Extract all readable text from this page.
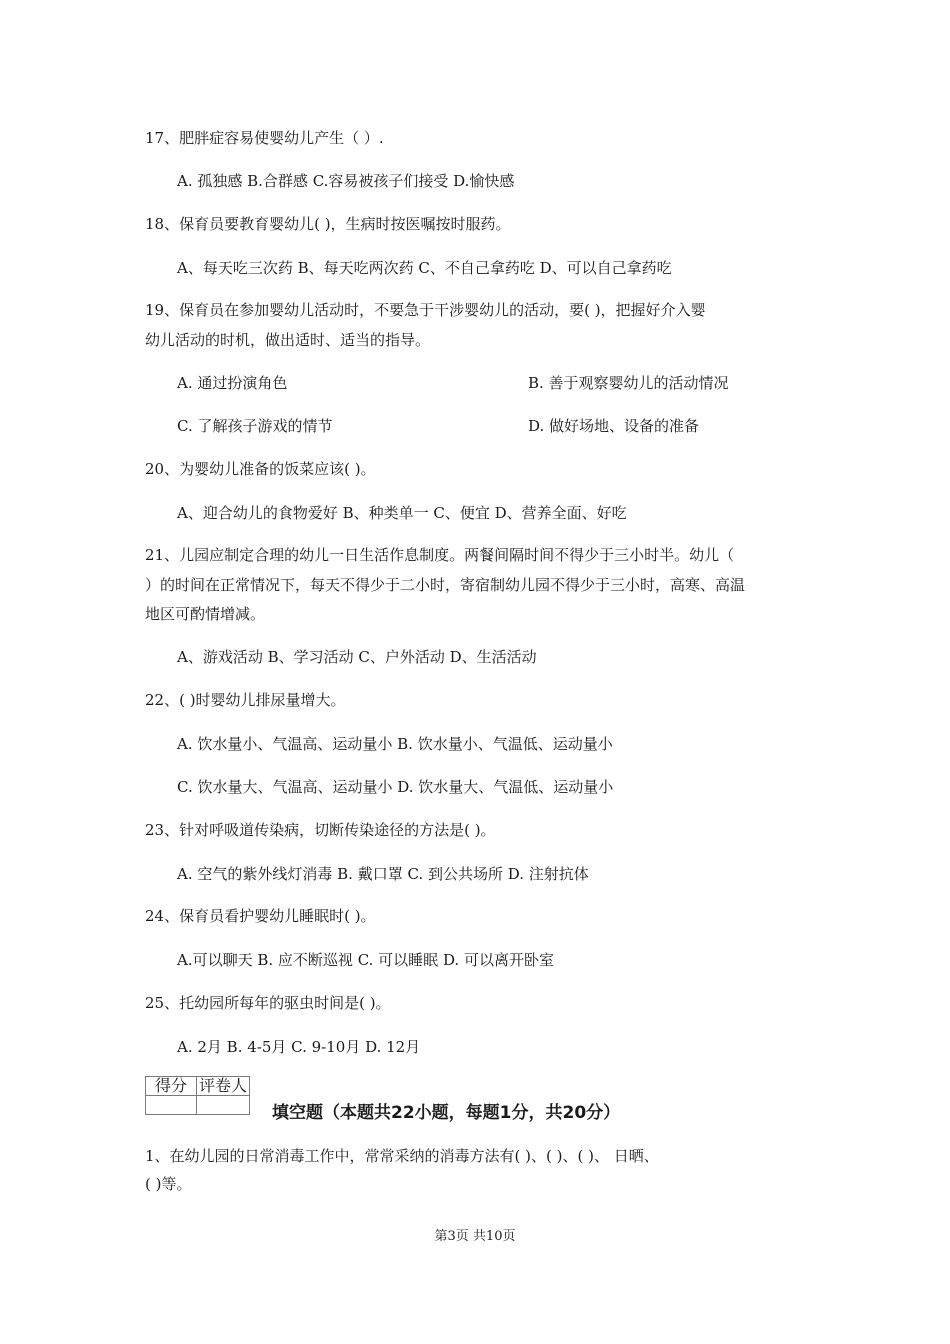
17、肥胖症容易使婴幼儿产生（ ）.
A. 孤独感 B.合群感 C.容易被孩子们接受 D.愉快感
18、保育员要教育婴幼儿( )，生病时按医嘱按时服药。
A、每天吃三次药 B、每天吃两次药 C、不自己拿药吃 D、可以自己拿药吃
19、保育员在参加婴幼儿活动时，不要急于干涉婴幼儿的活动，要( )，把握好介入婴
幼儿活动的时机，做出适时、适当的指导。
A. 通过扮演角色	B. 善于观察婴幼儿的活动情况
C. 了解孩子游戏的情节	D. 做好场地、设备的准备
20、为婴幼儿准备的饭菜应该( )。
A、迎合幼儿的食物爱好 B、种类单一 C、便宜 D、营养全面、好吃
21、儿园应制定合理的幼儿一日生活作息制度。两餐间隔时间不得少于三小时半。幼儿（
）的时间在正常情况下，每天不得少于二小时，寄宿制幼儿园不得少于三小时，高寒、高温
地区可酌情增减。
A、游戏活动 B、学习活动 C、户外活动 D、生活活动
22、( )时婴幼儿排尿量增大。
A. 饮水量小、气温高、运动量小 B. 饮水量小、气温低、运动量小
C. 饮水量大、气温高、运动量小 D. 饮水量大、气温低、运动量小
23、针对呼吸道传染病，切断传染途径的方法是( )。
A. 空气的紫外线灯消毒 B. 戴口罩 C. 到公共场所 D. 注射抗体
24、保育员看护婴幼儿睡眠时( )。
A.可以聊天 B. 应不断巡视 C. 可以睡眠 D. 可以离开卧室
25、托幼园所每年的驱虫时间是( )。
A. 2月 B. 4-5月 C. 9-10月 D. 12月
得分	评卷人

填空题（本题共22小题，每题1分，共20分）
1、在幼儿园的日常消毒工作中，常常采纳的消毒方法有( )、( )、( )、 日晒、
( )等。
第3页 共10页
